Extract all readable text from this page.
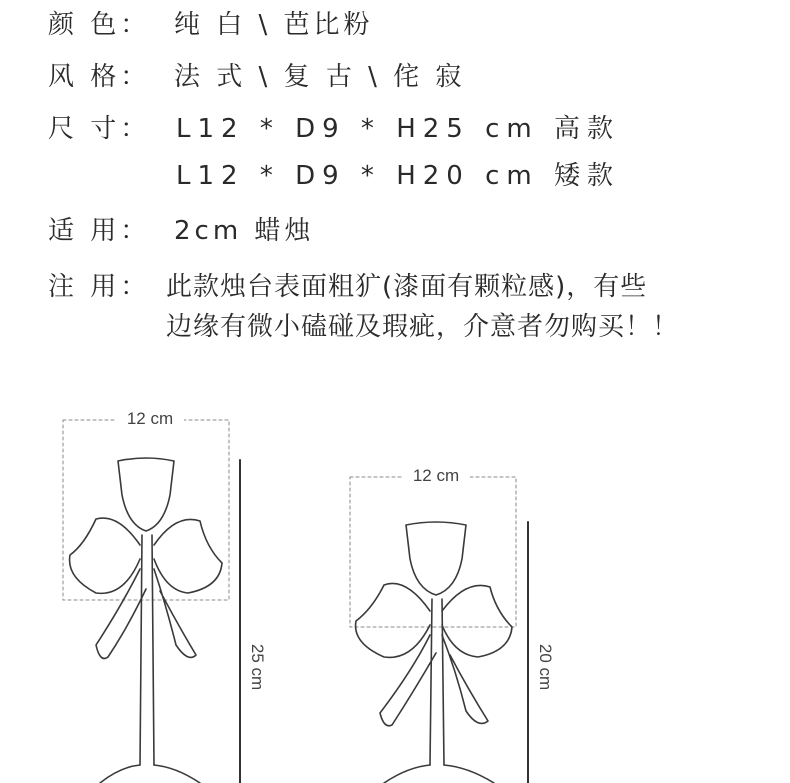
颜 色： 纯 白 \ 芭比粉
风 格： 法 式 \ 复 古 \ 侘 寂
尺 寸： L12 * D9 * H25 cm 高款
L12 * D9 * H20 cm 矮款
适 用： 2cm 蜡烛
注 用： 此款烛台表面粗犷(漆面有颗粒感)，有些
边缘有微小磕碰及瑕疵，介意者勿购买！！
12 cm
12 cm
25 cm	20 cm
